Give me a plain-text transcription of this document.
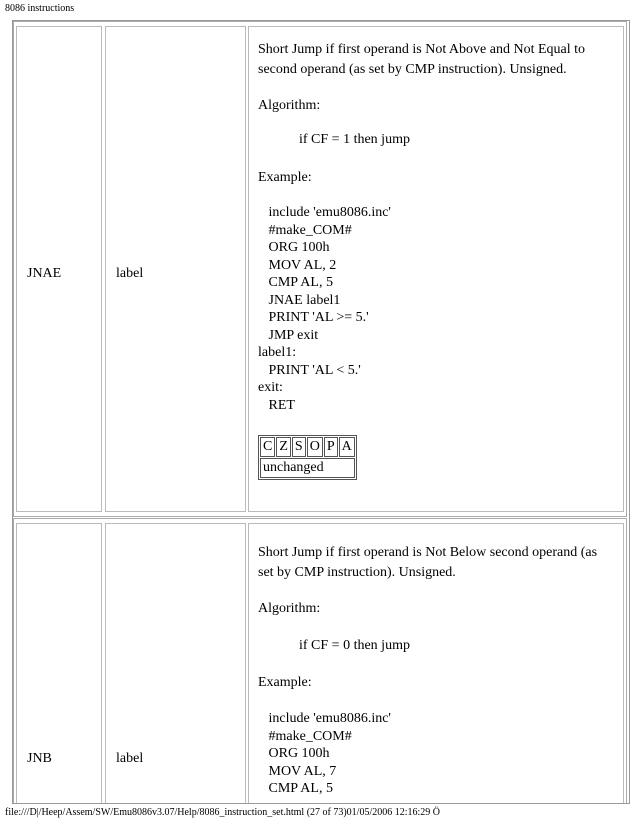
8086 instructions
JNAE	label
Short Jump if first operand is Not Above and Not Equal to second operand (as set by CMP instruction). Unsigned.
Algorithm:
if CF = 1 then jump
Example:
include 'emu8086.inc'
#make_COM#
ORG 100h
MOV AL, 2
CMP AL, 5
JNAE label1
PRINT 'AL >= 5.'
JMP exit
label1:
PRINT 'AL < 5.'
exit:
RET
C	Z	S	O	P	A
unchanged
JNB	label
Short Jump if first operand is Not Below second operand (as set by CMP instruction). Unsigned.
Algorithm:
if CF = 0 then jump
Example:
include 'emu8086.inc'
#make_COM#
ORG 100h
MOV AL, 7
CMP AL, 5
file:///D|/Heep/Assem/SW/Emu8086v3.07/Help/8086_instruction_set.html (27 of 73)01/05/2006 12:16:29 Ö
